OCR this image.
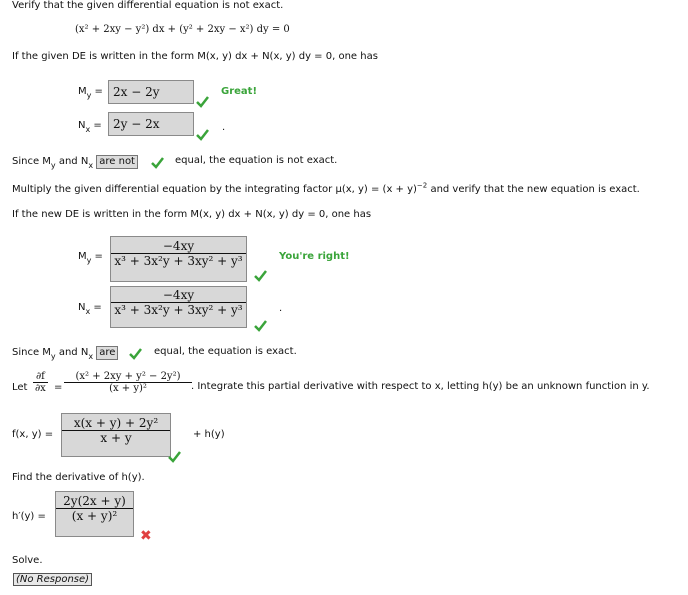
Verify that the given differential equation is not exact.
(x² + 2xy − y²) dx + (y² + 2xy − x²) dy = 0
If the given DE is written in the form M(x, y) dx + N(x, y) dy = 0, one has
$M_y = 2x - 2y$	Great!
$N_x = 2y - 2x$	.
Since $M_y$ and $N_x$ are not	equal, the equation is not exact.
Multiply the given differential equation by the integrating factor μ(x, $y) = (x + y)^{-2}$ and verify that the new equation is exact.
If the new DE is written in the form M(x, y) dx + N(x, y) dy = 0, one has
$M_y = \frac{-4xy}{\text{x³ + 3x²y + 3xy² + y³}}$	You're right!
$N_x = \frac{-4xy}{\text{x³ + 3x²y + 3xy² + y³}}$	.
Since $M_y$ and $N_x$ are	equal, the equation is exact.
Let $\frac{\partial f}{\partial x} = \frac{\text{(x² + 2xy + y² − 2y²)}}{\text{(x + y)²}}$ . Integrate this partial derivative with respect to x, letting h(y) be an unknown function in y.
f(x, $y) = \frac{\text{x(x + y) + 2y²}}{x + y} + h(y)$
Find the derivative of h(y).
$h'(y) = \frac{2y(2x + y)}{\text{(x + y)²}}$
✖
Solve.
(No Response)
